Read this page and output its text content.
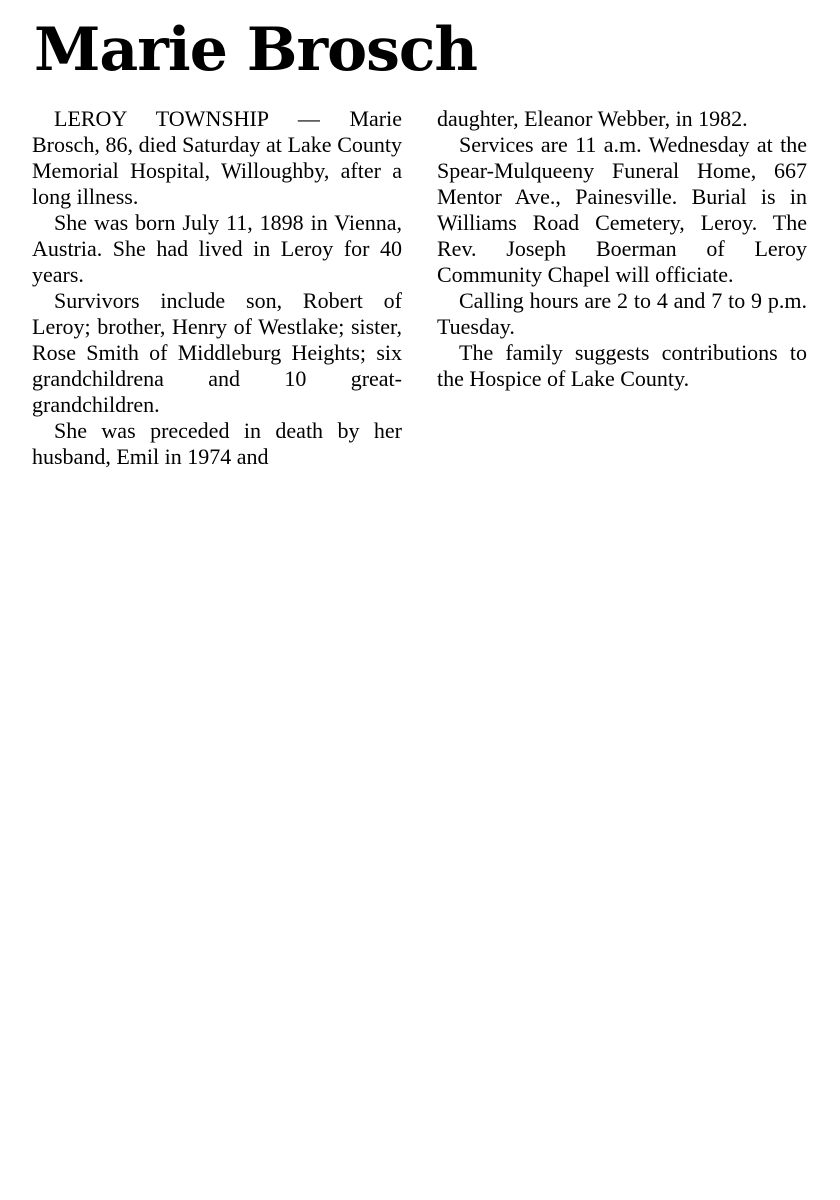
Marie Brosch

LEROY TOWNSHIP — Marie Brosch, 86, died Saturday at Lake County Memorial Hospital, Willoughby, after a long illness.

She was born July 11, 1898 in Vienna, Austria. She had lived in Leroy for 40 years.

Survivors include son, Robert of Leroy; brother, Henry of Westlake; sister, Rose Smith of Middleburg Heights; six grandchildrena and 10 great-grandchildren.

She was preceded in death by her husband, Emil in 1974 and

daughter, Eleanor Webber, in 1982.

Services are 11 a.m. Wednesday at the Spear-Mulqueeny Funeral Home, 667 Mentor Ave., Painesville. Burial is in Williams Road Cemetery, Leroy. The Rev. Joseph Boerman of Leroy Community Chapel will officiate.

Calling hours are 2 to 4 and 7 to 9 p.m. Tuesday.

The family suggests contributions to the Hospice of Lake County.
